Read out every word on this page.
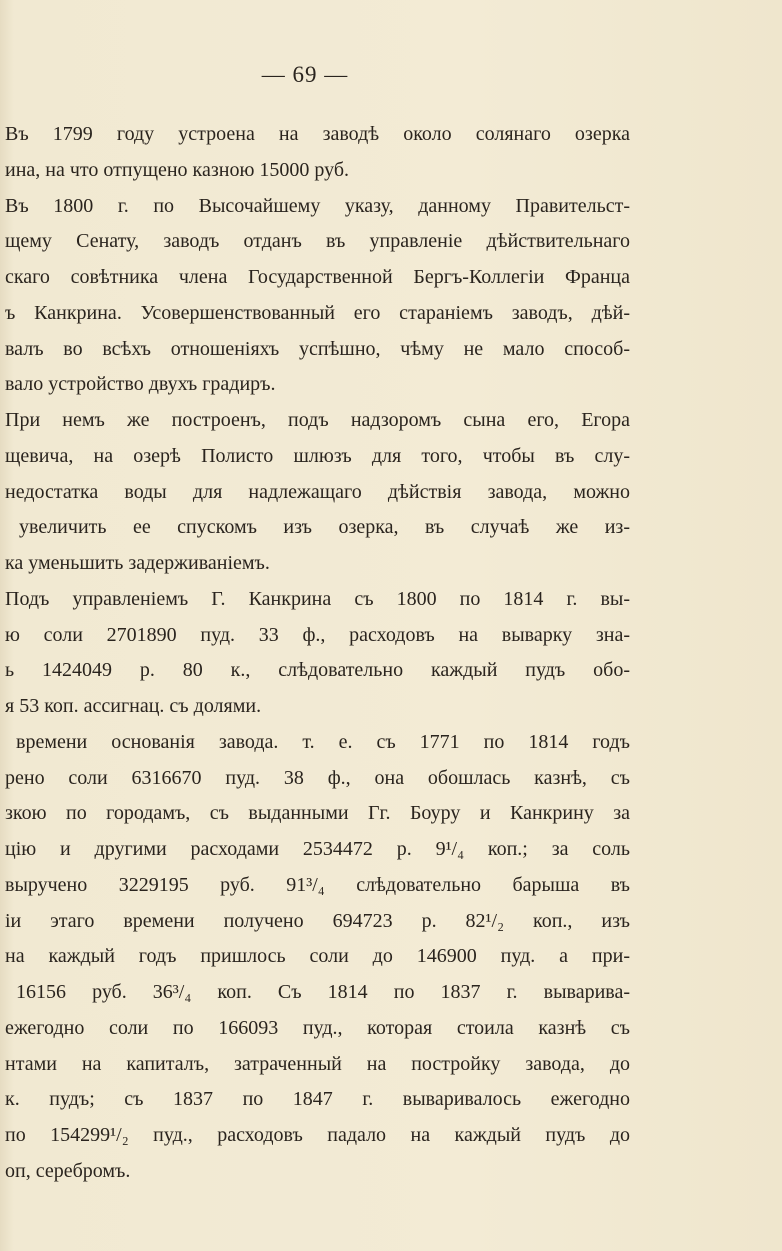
— 69 —
Въ 1799 году устроена на заводѣ около солянаго озерка
ина, на что отпущено казною 15000 руб.
Въ 1800 г. по Высочайшему указу, данному Правительст-
щему Сенату, заводъ отданъ въ управленіе дѣйствительнаго
скаго совѣтника члена Государственной Бергъ-Коллегіи Франца
ъ Канкрина. Усовершенствованный его стараніемъ заводъ, дѣй-
валъ во всѣхъ отношеніяхъ успѣшно, чѣму не мало способ-
вало устройство двухъ градиръ.
При немъ же построенъ, подъ надзоромъ сына его, Егора
щевича, на озерѣ Полисто шлюзъ для того, чтобы въ слу-
недостатка воды для надлежащаго дѣйствія завода, можно
увеличить ее спускомъ изъ озерка, въ случаѣ же из-
ка уменьшить задерживаніемъ.
Подъ управленіемъ Г. Канкрина съ 1800 по 1814 г. вы-
ю соли 2701890 пуд. 33 ф., расходовъ на выварку зна-
ь 1424049 р. 80 к., слѣдовательно каждый пудъ обо-
я 53 коп. ассигнац. съ долями.
времени основанія завода. т. е. съ 1771 по 1814 годъ
рено соли 6316670 пуд. 38 ф., она обошлась казнѣ, съ
зкою по городамъ, съ выданными Гг. Боуру и Канкрину за
цію и другими расходами 2534472 р. 9¹/₄ коп.; за соль
выручено 3229195 руб. 91³/₄ слѣдовательно барыша въ
іи этаго времени получено 694723 р. 82¹/₂ коп., изъ
на каждый годъ пришлось соли до 146900 пуд. а при-
16156 руб. 36³/₄ коп. Съ 1814 по 1837 г. выварива-
ежегодно соли по 166093 пуд., которая стоила казнѣ съ
нтами на капиталъ, затраченный на постройку завода, до
к. пудъ; съ 1837 по 1847 г. вываривалось ежегодно
по 154299¹/₂ пуд., расходовъ падало на каждый пудъ до
оп, серебромъ.
